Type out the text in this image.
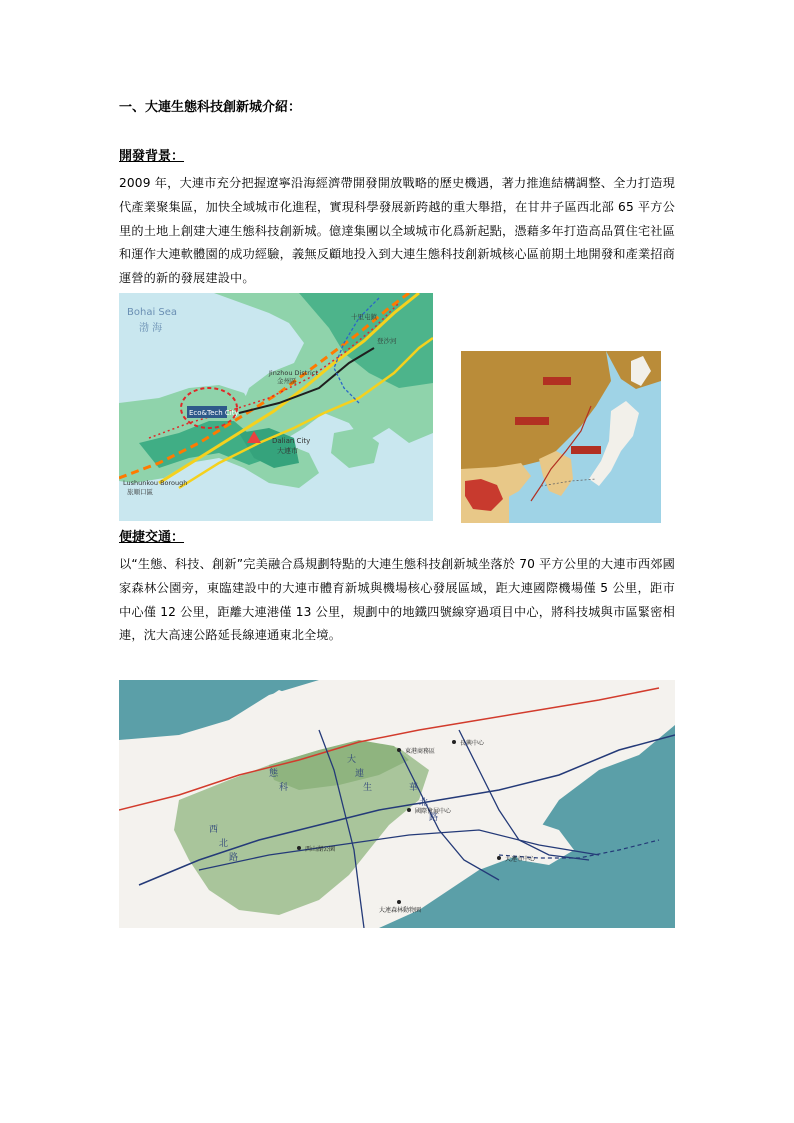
一、大連生態科技創新城介紹：
開發背景：

2009 年，大連市充分把握遼寧沿海經濟帶開發開放戰略的歷史機遇，著力推進結構調整、全力打造現代產業聚集區，加快全域城市化進程，實現科學發展新跨越的重大舉措，在甘井子區西北部 65 平方公里的土地上創建大連生態科技創新城。億達集團以全域城市化爲新起點，憑藉多年打造高品質住宅社區和運作大連軟體園的成功經驗，義無反顧地投入到大連生態科技創新城核心區前期土地開發和產業招商運營的新的發展建設中。

Eco&Tech City
Bohai Sea
渤 海
Dalian City
大連市
Jinzhou District
金州區
Lushunkou Borough
旅順口區
十里屯鎮
登沙河
便捷交通：

以“生態、科技、創新”完美融合爲規劃特點的大連生態科技創新城坐落於 70 平方公里的大連市西郊國家森林公園旁，東臨建設中的大連市體育新城與機場核心發展區域，距大連國際機場僅 5 公里，距市中心僅 12 公里，距離大連港僅 13 公里，規劃中的地鐵四號線穿過項目中心，將科技城與市區緊密相連，沈大高速公路延長線連通東北全境。

大
連
生
態
科
西
北
路
華
北
路
東港商務區
長興中心
國際會展中心
大連市中心
西山湖公園
大連森林動物園
